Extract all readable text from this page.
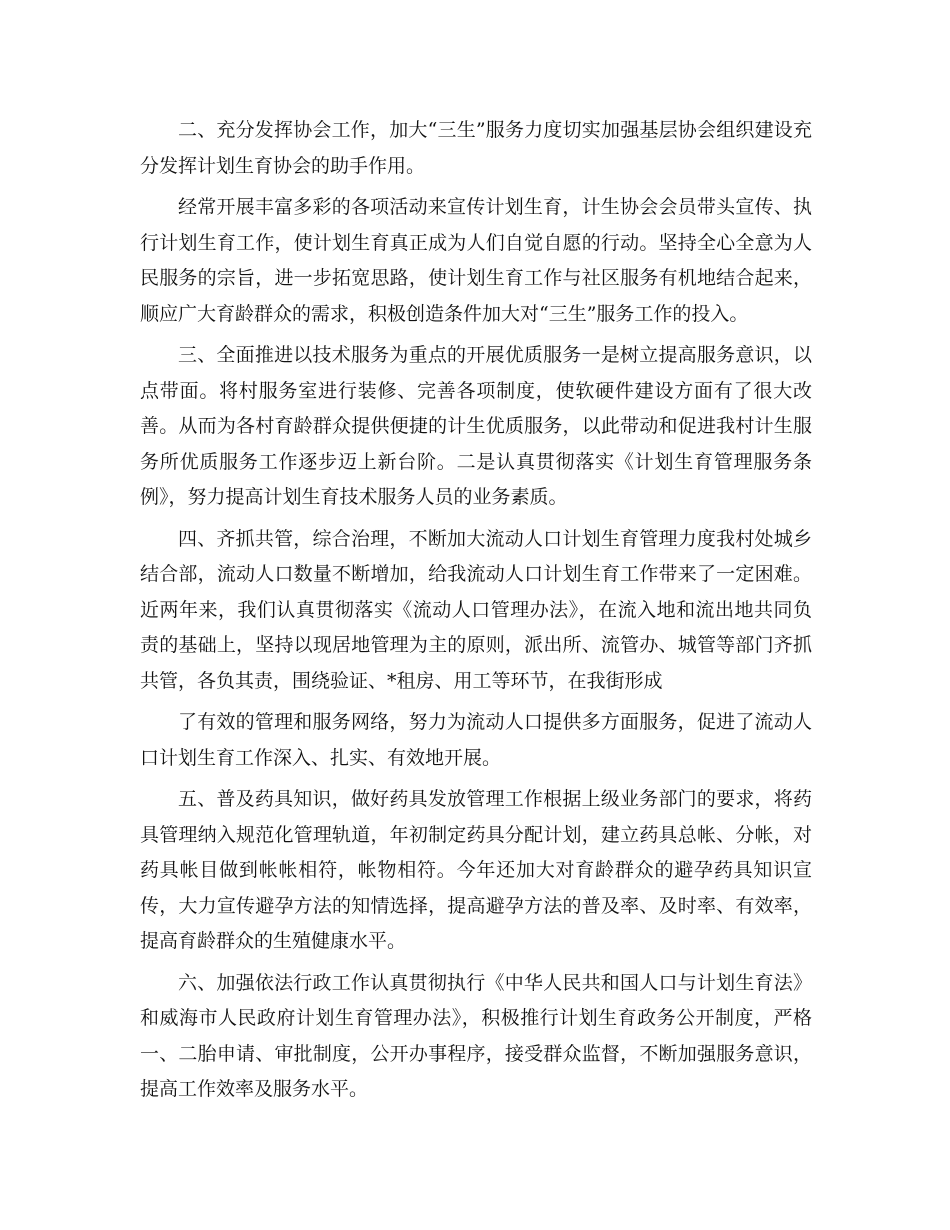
二、充分发挥协会工作，加大“三生”服务力度切实加强基层协会组织建设充分发挥计划生育协会的助手作用。

经常开展丰富多彩的各项活动来宣传计划生育，计生协会会员带头宣传、执行计划生育工作，使计划生育真正成为人们自觉自愿的行动。坚持全心全意为人民服务的宗旨，进一步拓宽思路，使计划生育工作与社区服务有机地结合起来，顺应广大育龄群众的需求，积极创造条件加大对“三生”服务工作的投入。

三、全面推进以技术服务为重点的开展优质服务一是树立提高服务意识，以点带面。将村服务室进行装修、完善各项制度，使软硬件建设方面有了很大改善。从而为各村育龄群众提供便捷的计生优质服务，以此带动和促进我村计生服务所优质服务工作逐步迈上新台阶。二是认真贯彻落实《计划生育管理服务条例》，努力提高计划生育技术服务人员的业务素质。

四、齐抓共管，综合治理，不断加大流动人口计划生育管理力度我村处城乡结合部，流动人口数量不断增加，给我流动人口计划生育工作带来了一定困难。近两年来，我们认真贯彻落实《流动人口管理办法》，在流入地和流出地共同负责的基础上，坚持以现居地管理为主的原则，派出所、流管办、城管等部门齐抓共管，各负其责，围绕验证、*租房、用工等环节，在我街形成

了有效的管理和服务网络，努力为流动人口提供多方面服务，促进了流动人口计划生育工作深入、扎实、有效地开展。

五、普及药具知识，做好药具发放管理工作根据上级业务部门的要求，将药具管理纳入规范化管理轨道，年初制定药具分配计划，建立药具总帐、分帐，对药具帐目做到帐帐相符，帐物相符。今年还加大对育龄群众的避孕药具知识宣传，大力宣传避孕方法的知情选择，提高避孕方法的普及率、及时率、有效率，提高育龄群众的生殖健康水平。

六、加强依法行政工作认真贯彻执行《中华人民共和国人口与计划生育法》和威海市人民政府计划生育管理办法》，积极推行计划生育政务公开制度，严格一、二胎申请、审批制度，公开办事程序，接受群众监督，不断加强服务意识，提高工作效率及服务水平。
